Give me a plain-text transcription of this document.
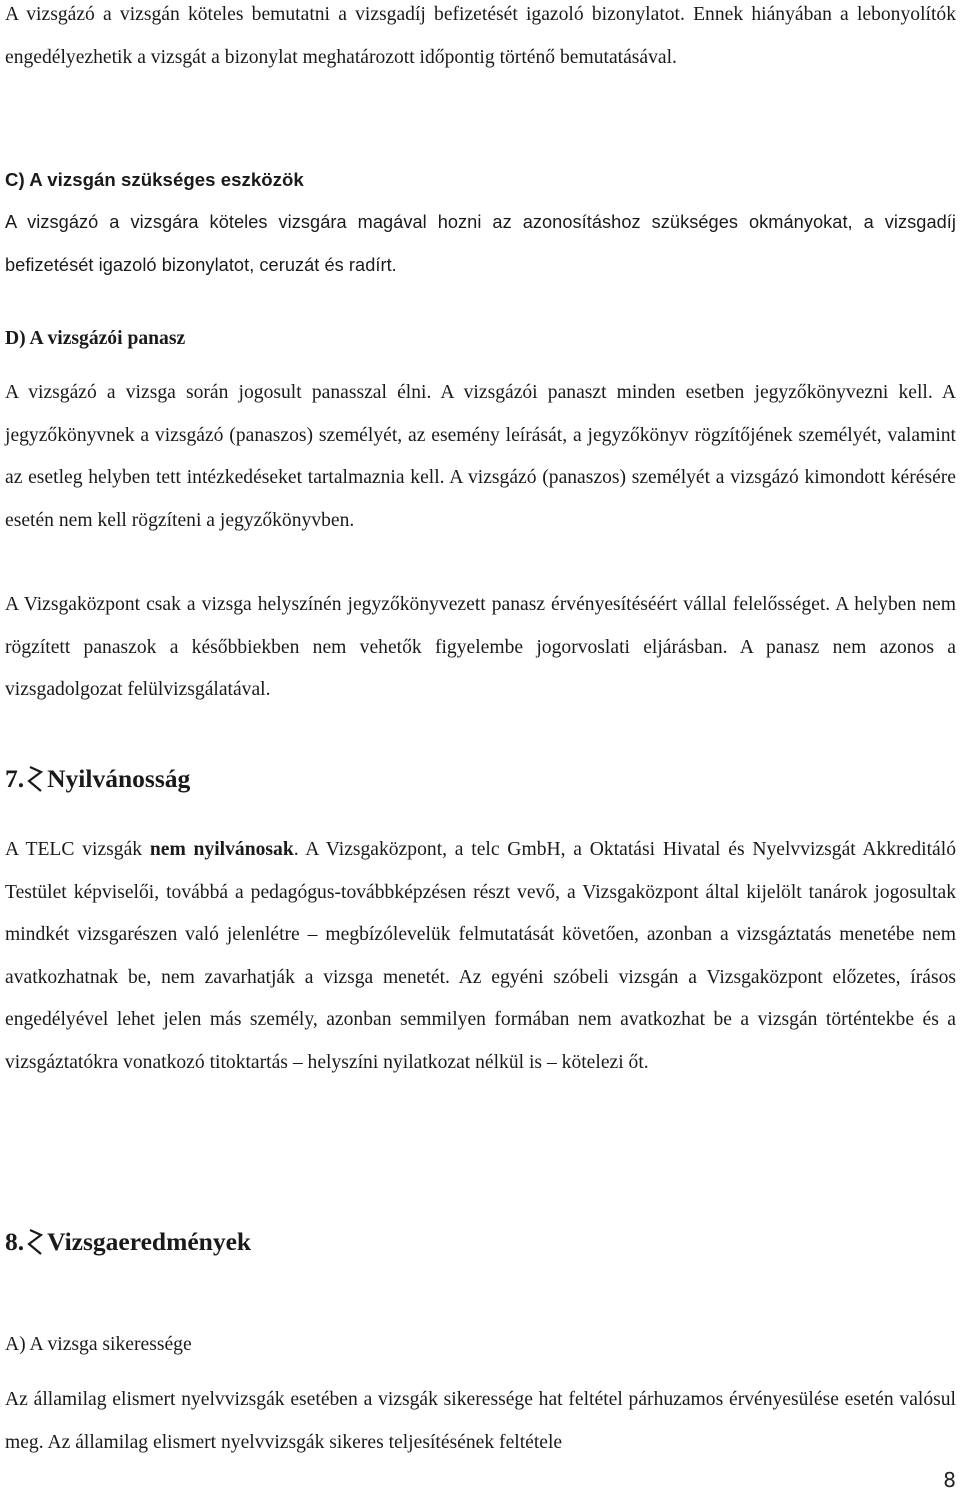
A vizsgázó a vizsgán köteles bemutatni a vizsgadíj befizetését igazoló bizonylatot. Ennek hiányában a lebonyolítók engedélyezhetik a vizsgát a bizonylat meghatározott időpontig történő bemutatásával.

C) A vizsgán szükséges eszközök

A vizsgázó a vizsgára köteles vizsgára magával hozni az azonosításhoz szükséges okmányokat, a vizsgadíj befizetését igazoló bizonylatot, ceruzát és radírt.

D) A vizsgázói panasz

A vizsgázó a vizsga során jogosult panasszal élni. A vizsgázói panaszt minden esetben jegyzőkönyvezni kell. A jegyzőkönyvnek a vizsgázó (panaszos) személyét, az esemény leírását, a jegyzőkönyv rögzítőjének személyét, valamint az esetleg helyben tett intézkedéseket tartalmaznia kell. A vizsgázó (panaszos) személyét a vizsgázó kimondott kérésére esetén nem kell rögzíteni a jegyzőkönyvben.

A Vizsgaközpont csak a vizsga helyszínén jegyzőkönyvezett panasz érvényesítéséért vállal felelősséget. A helyben nem rögzített panaszok a későbbiekben nem vehetők figyelembe jogorvoslati eljárásban. A panasz nem azonos a vizsgadolgozat felülvizsgálatával.

7. Nyilvánosság

A TELC vizsgák nem nyilvánosak. A Vizsgaközpont, a telc GmbH, a Oktatási Hivatal és Nyelvvizsgát Akkreditáló Testület képviselői, továbbá a pedagógus-továbbképzésen részt vevő, a Vizsgaközpont által kijelölt tanárok jogosultak mindkét vizsgarészen való jelenlétre – megbízólevelük felmutatását követően, azonban a vizsgáztatás menetébe nem avatkozhatnak be, nem zavarhatják a vizsga menetét. Az egyéni szóbeli vizsgán a Vizsgaközpont előzetes, írásos engedélyével lehet jelen más személy, azonban semmilyen formában nem avatkozhat be a vizsgán történtekbe és a vizsgáztatókra vonatkozó titoktartás – helyszíni nyilatkozat nélkül is – kötelezi őt.

8. Vizsgaeredmények

A) A vizsga sikeressége

Az államilag elismert nyelvvizsgák esetében a vizsgák sikeressége hat feltétel párhuzamos érvényesülése esetén valósul meg. Az államilag elismert nyelvvizsgák sikeres teljesítésének feltétele

8
